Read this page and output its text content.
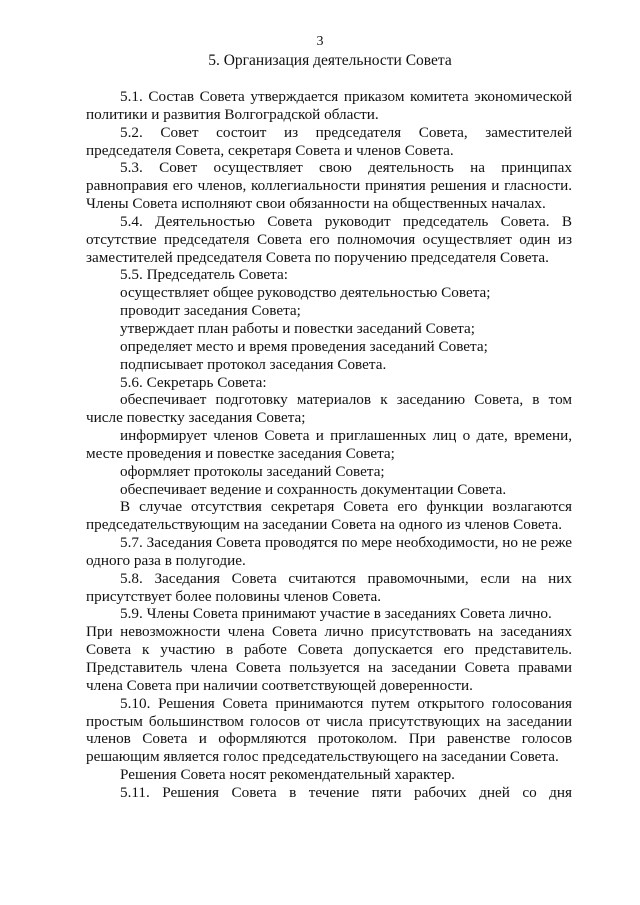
3
5. Организация деятельности Совета

5.1. Состав Совета утверждается приказом комитета экономической политики и развития Волгоградской области.

5.2. Совет состоит из председателя Совета, заместителей председателя Совета, секретаря Совета и членов Совета.

5.3. Совет осуществляет свою деятельность на принципах равноправия его членов, коллегиальности принятия решения и гласности. Члены Совета исполняют свои обязанности на общественных началах.

5.4. Деятельностью Совета руководит председатель Совета. В отсутствие председателя Совета его полномочия осуществляет один из заместителей председателя Совета по поручению председателя Совета.

5.5. Председатель Совета:

осуществляет общее руководство деятельностью Совета;

проводит заседания Совета;

утверждает план работы и повестки заседаний Совета;

определяет место и время проведения заседаний Совета;

подписывает протокол заседания Совета.

5.6. Секретарь Совета:

обеспечивает подготовку материалов к заседанию Совета, в том числе повестку заседания Совета;

информирует членов Совета и приглашенных лиц о дате, времени, месте проведения и повестке заседания Совета;

оформляет протоколы заседаний Совета;

обеспечивает ведение и сохранность документации Совета.

В случае отсутствия секретаря Совета его функции возлагаются председательствующим на заседании Совета на одного из членов Совета.

5.7. Заседания Совета проводятся по мере необходимости, но не реже одного раза в полугодие.

5.8. Заседания Совета считаются правомочными, если на них присутствует более половины членов Совета.

5.9. Члены Совета принимают участие в заседаниях Совета лично.

При невозможности члена Совета лично присутствовать на заседаниях Совета к участию в работе Совета допускается его представитель. Представитель члена Совета пользуется на заседании Совета правами члена Совета при наличии соответствующей доверенности.

5.10. Решения Совета принимаются путем открытого голосования простым большинством голосов от числа присутствующих на заседании членов Совета и оформляются протоколом. При равенстве голосов решающим является голос председательствующего на заседании Совета.

Решения Совета носят рекомендательный характер.

5.11. Решения Совета в течение пяти рабочих дней со дня
